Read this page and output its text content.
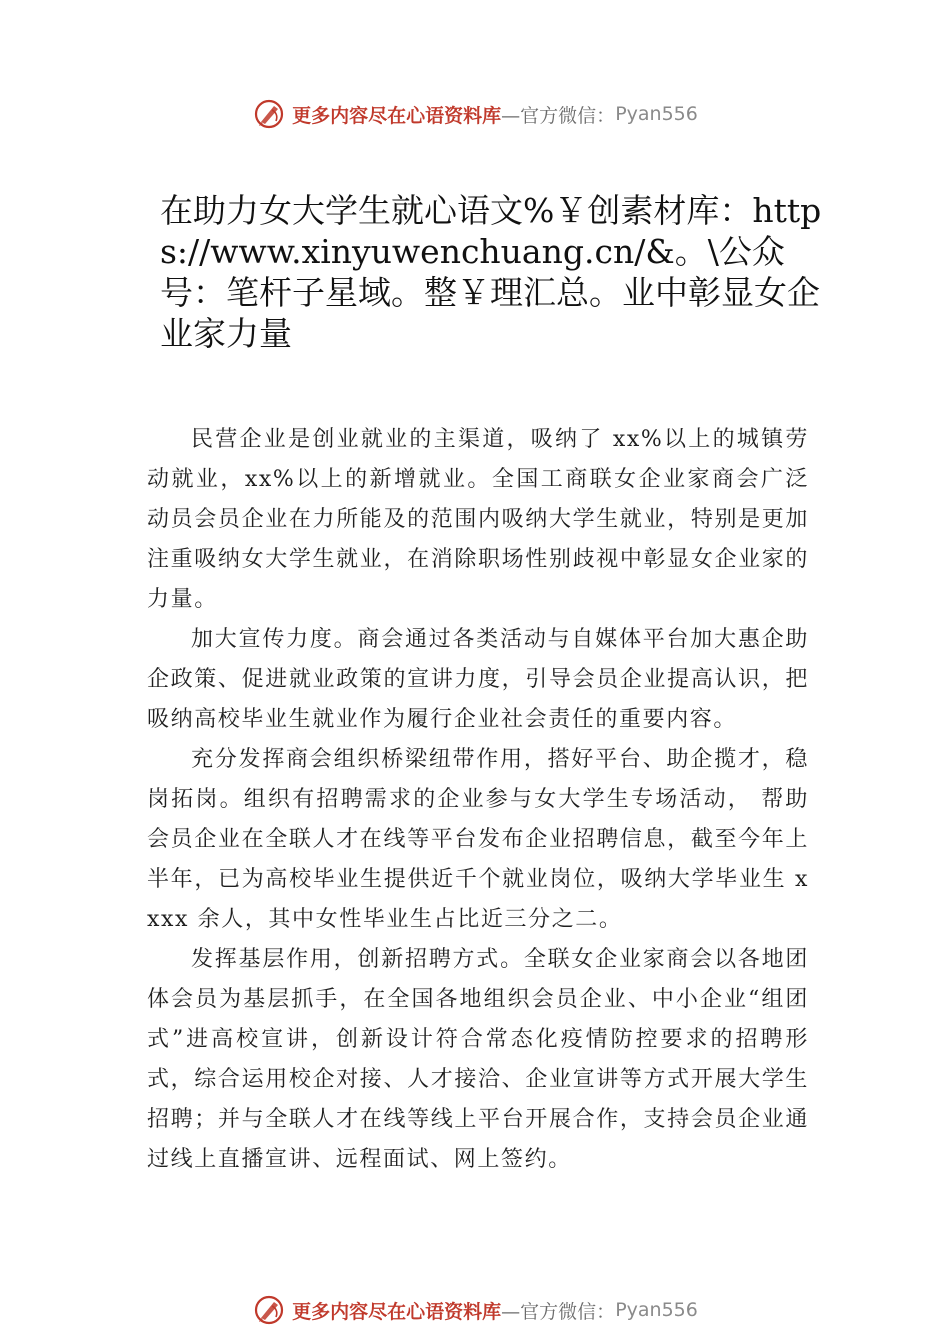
更多内容尽在心语资料库 —官方微信： Pyan556
在助力女大学生就心语文%￥创素材库：https://www.xinyuwenchuang.cn/&。\公众号：笔杆子星域。整￥理汇总。业中彰显女企业家力量

民营企业是创业就业的主渠道，吸纳了 xx%以上的城镇劳动就业，xx%以上的新增就业。全国工商联女企业家商会广泛动员会员企业在力所能及的范围内吸纳大学生就业，特别是更加注重吸纳女大学生就业，在消除职场性别歧视中彰显女企业家的力量。

加大宣传力度。商会通过各类活动与自媒体平台加大惠企助企政策、促进就业政策的宣讲力度，引导会员企业提高认识，把吸纳高校毕业生就业作为履行企业社会责任的重要内容。

充分发挥商会组织桥梁纽带作用，搭好平台、助企揽才，稳岗拓岗。组织有招聘需求的企业参与女大学生专场活动， 帮助会员企业在全联人才在线等平台发布企业招聘信息，截至今年上半年，已为高校毕业生提供近千个就业岗位，吸纳大学毕业生 xxxx 余人，其中女性毕业生占比近三分之二。

发挥基层作用，创新招聘方式。全联女企业家商会以各地团体会员为基层抓手，在全国各地组织会员企业、中小企业“组团式”进高校宣讲，创新设计符合常态化疫情防控要求的招聘形式，综合运用校企对接、人才接洽、企业宣讲等方式开展大学生招聘；并与全联人才在线等线上平台开展合作，支持会员企业通过线上直播宣讲、远程面试、网上签约。

更多内容尽在心语资料库 —官方微信： Pyan556
